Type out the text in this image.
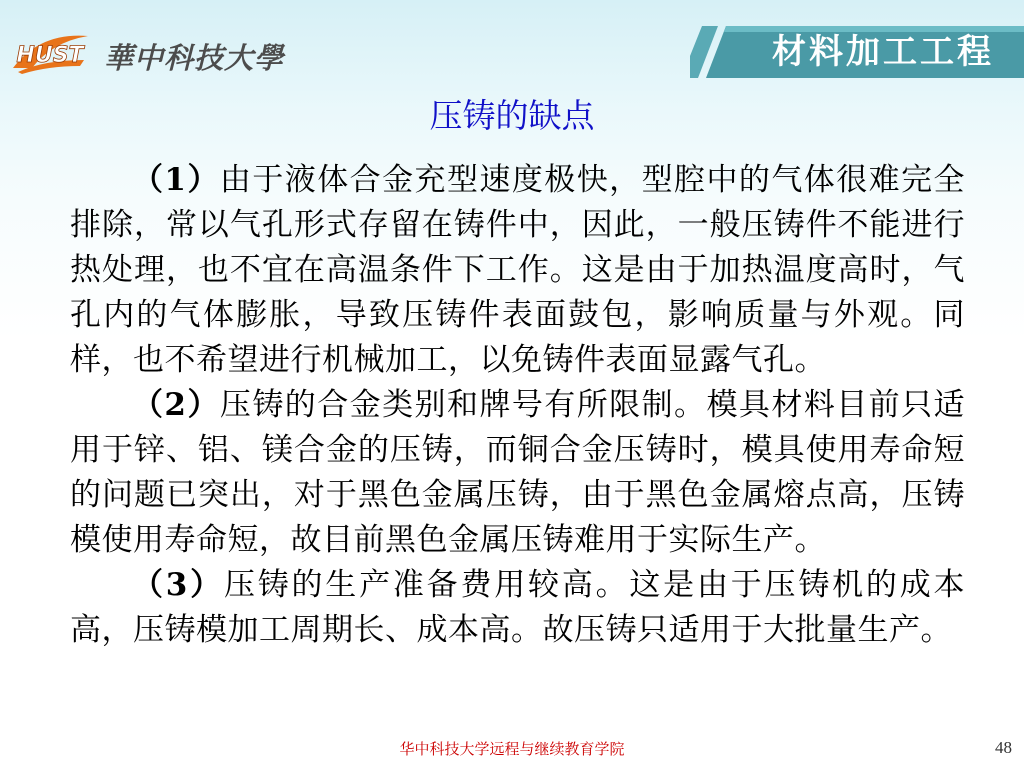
HUST 華中科技大學	材料加工工程
压铸的缺点

（1）由于液体合金充型速度极快，型腔中的气体很难完全排除，常以气孔形式存留在铸件中，因此，一般压铸件不能进行热处理，也不宜在高温条件下工作。这是由于加热温度高时，气孔内的气体膨胀，导致压铸件表面鼓包，影响质量与外观。同样，也不希望进行机械加工，以免铸件表面显露气孔。

（2）压铸的合金类别和牌号有所限制。模具材料目前只适用于锌、铝、镁合金的压铸，而铜合金压铸时，模具使用寿命短的问题已突出，对于黑色金属压铸，由于黑色金属熔点高，压铸模使用寿命短，故目前黑色金属压铸难用于实际生产。

（3）压铸的生产准备费用较高。这是由于压铸机的成本高，压铸模加工周期长、成本高。故压铸只适用于大批量生产。

华中科技大学远程与继续教育学院	48
